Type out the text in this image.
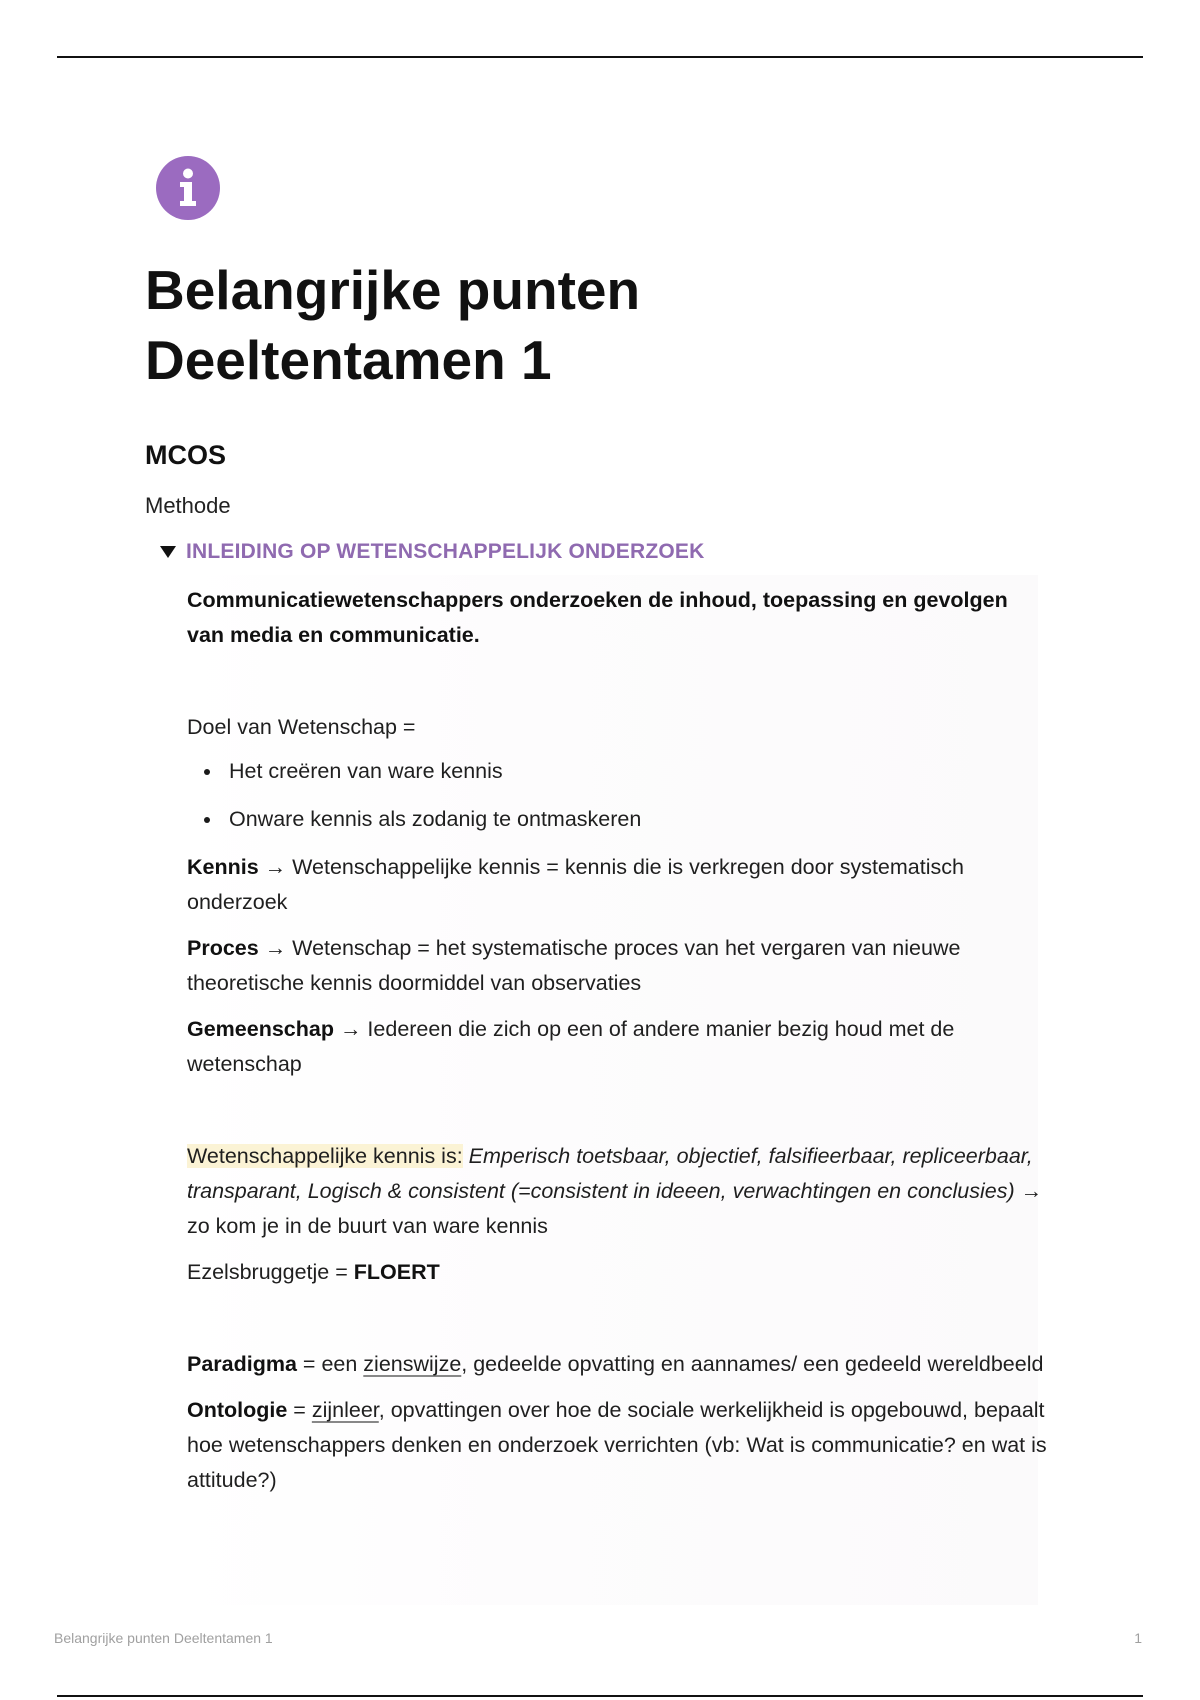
Belangrijke punten
Deeltentamen 1
MCOS
Methode
INLEIDING OP WETENSCHAPPELIJK ONDERZOEK

Communicatiewetenschappers onderzoeken de inhoud, toepassing en gevolgen van media en communicatie.

Doel van Wetenschap =

Het creëren van ware kennis
Onware kennis als zodanig te ontmaskeren

Kennis → Wetenschappelijke kennis = kennis die is verkregen door systematisch onderzoek

Proces → Wetenschap = het systematische proces van het vergaren van nieuwe theoretische kennis doormiddel van observaties

Gemeenschap → Iedereen die zich op een of andere manier bezig houd met de wetenschap

Wetenschappelijke kennis is: Emperisch toetsbaar, objectief, falsifieerbaar, repliceerbaar, transparant, Logisch & consistent (=consistent in ideeen, verwachtingen en conclusies) → zo kom je in de buurt van ware kennis

Ezelsbruggetje = FLOERT

Paradigma = een zienswijze, gedeelde opvatting en aannames/ een gedeeld wereldbeeld

Ontologie = zijnleer, opvattingen over hoe de sociale werkelijkheid is opgebouwd, bepaalt hoe wetenschappers denken en onderzoek verrichten (vb: Wat is communicatie? en wat is attitude?)

Belangrijke punten Deeltentamen 1	1
